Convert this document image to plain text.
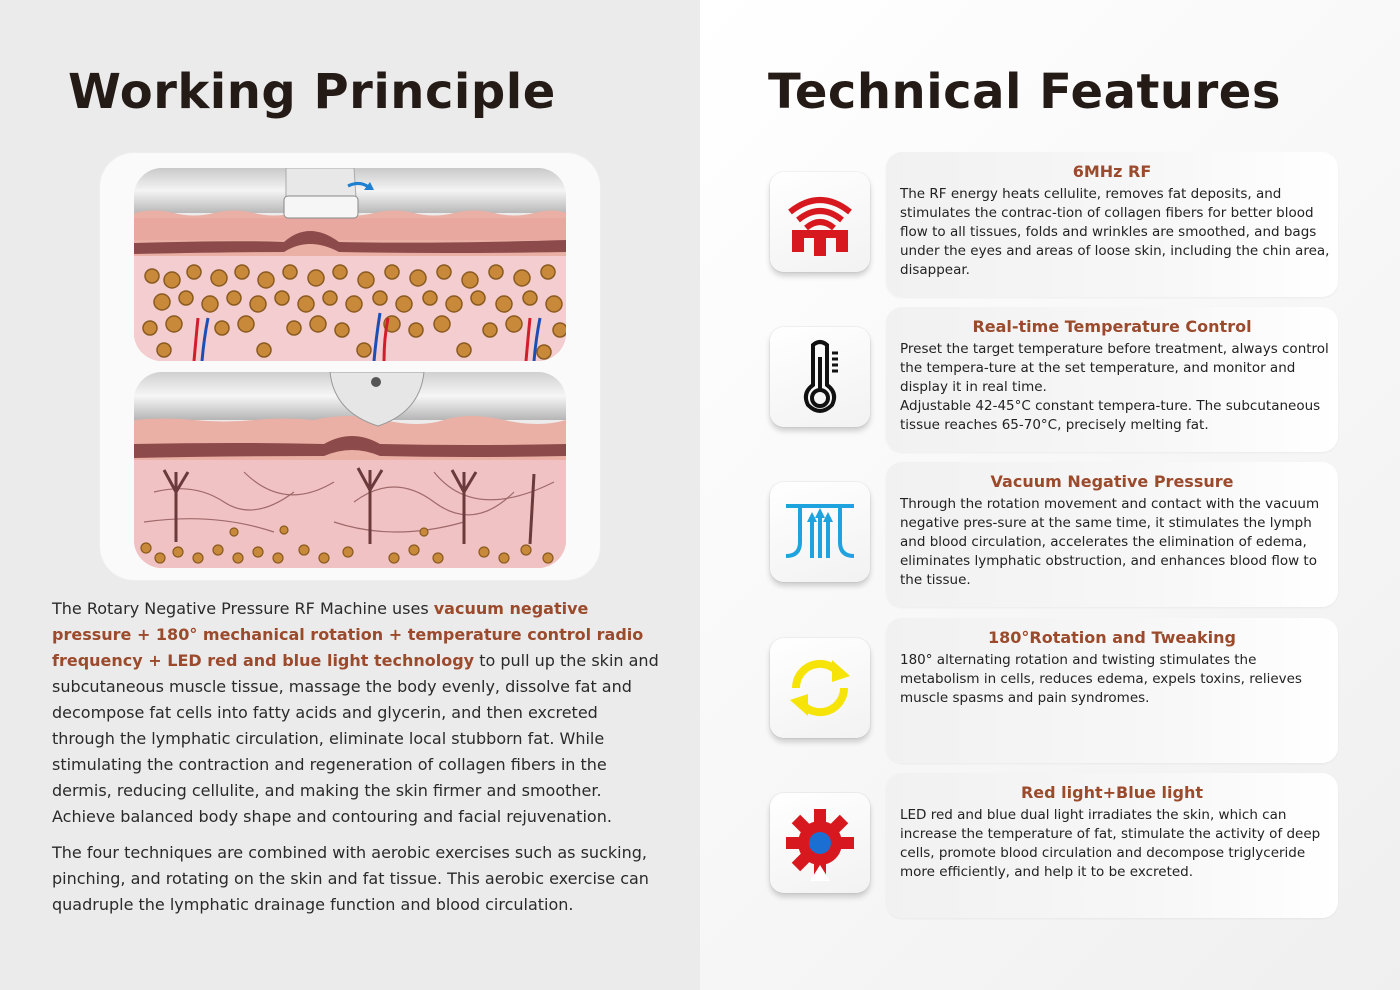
Working Principle

The Rotary Negative Pressure RF Machine uses vacuum negative pressure + 180° mechanical rotation + temperature control radio frequency + LED red and blue light technology to pull up the skin and subcutaneous muscle tissue, massage the body evenly, dissolve fat and decompose fat cells into fatty acids and glycerin, and then excreted through the lymphatic circulation, eliminate local stubborn fat. While stimulating the contraction and regeneration of collagen fibers in the dermis, reducing cellulite, and making the skin firmer and smoother. Achieve balanced body shape and contouring and facial rejuvenation.

The four techniques are combined with aerobic exercises such as sucking, pinching, and rotating on the skin and fat tissue. This aerobic exercise can quadruple the lymphatic drainage function and blood circulation.

Technical Features
6MHz RF
The RF energy heats cellulite, removes fat deposits, and stimulates the contrac-tion of collagen fibers for better blood flow to all tissues, folds and wrinkles are smoothed, and bags under the eyes and areas of loose skin, including the chin area, disappear.
Real-time Temperature Control
Preset the target temperature before treatment, always control the tempera-ture at the set temperature, and monitor and display it in real time.
Adjustable 42-45°C constant tempera-ture. The subcutaneous tissue reaches 65-70°C, precisely melting fat.
Vacuum Negative Pressure
Through the rotation movement and contact with the vacuum negative pres-sure at the same time, it stimulates the lymph and blood circulation, accelerates the elimination of edema, eliminates lymphatic obstruction, and enhances blood flow to the tissue.
180°Rotation and Tweaking
180° alternating rotation and twisting stimulates the metabolism in cells, reduces edema, expels toxins, relieves muscle spasms and pain syndromes.
Red light+Blue light
LED red and blue dual light irradiates the skin, which can increase the temperature of fat, stimulate the activity of deep cells, promote blood circulation and decompose triglyceride more efficiently, and help it to be excreted.
